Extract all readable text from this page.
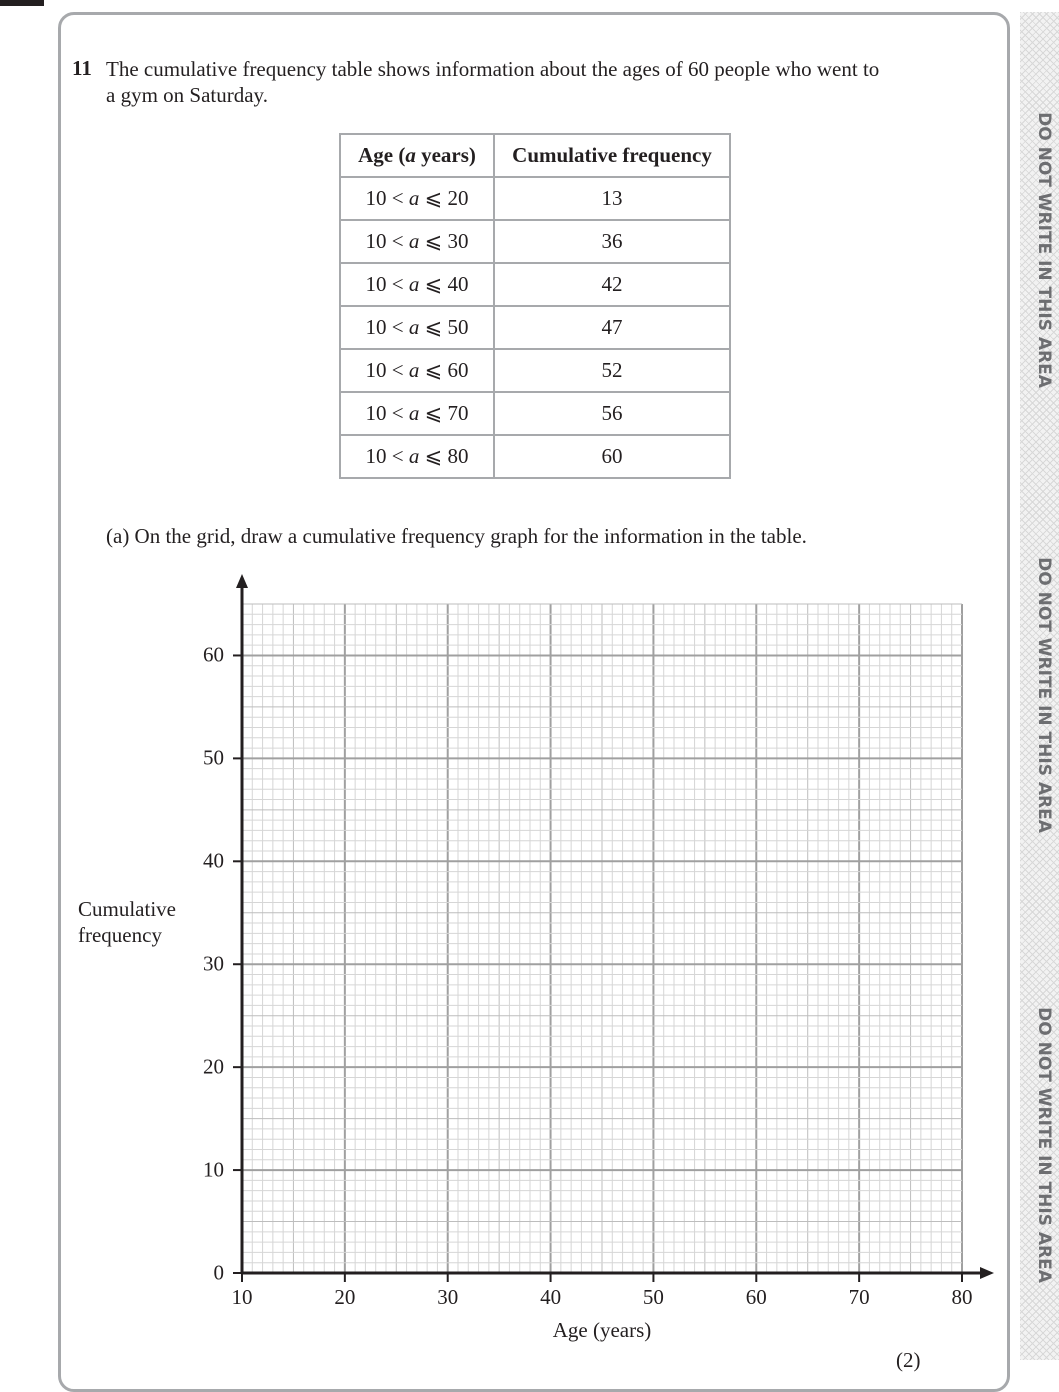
DO NOT WRITE IN THIS AREA
DO NOT WRITE IN THIS AREA
DO NOT WRITE IN THIS AREA
11 The cumulative frequency table shows information about the ages of 60 people who went to a gym on Saturday.
Age (a years)	Cumulative frequency
10 < a ⩽ 20	13
10 < a ⩽ 30	36
10 < a ⩽ 40	42
10 < a ⩽ 50	47
10 < a ⩽ 60	52
10 < a ⩽ 70	56
10 < a ⩽ 80	60
(a) On the grid, draw a cumulative frequency graph for the information in the table.
Cumulative frequency
0
10
20
30
40
50
60
10	20	30	40	50	60	70	80
Age (years)
(2)
